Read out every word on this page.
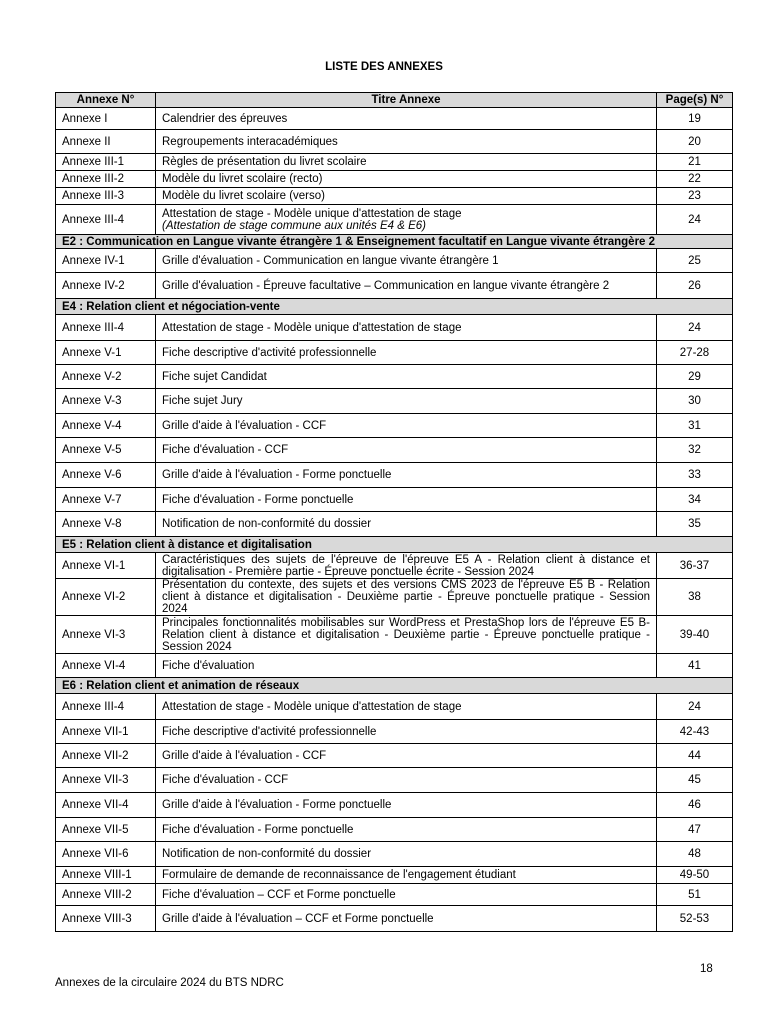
LISTE DES ANNEXES
Annexe N°	Titre Annexe	Page(s) N°
Annexe I	Calendrier des épreuves	19
Annexe II	Regroupements interacadémiques	20
Annexe III-1	Règles de présentation du livret scolaire	21
Annexe III-2	Modèle du livret scolaire (recto)	22
Annexe III-3	Modèle du livret scolaire (verso)	23
Annexe III-4	Attestation de stage - Modèle unique d'attestation de stage
(Attestation de stage commune aux unités E4 & E6)	24
E2 : Communication en Langue vivante étrangère 1 & Enseignement facultatif en Langue vivante étrangère 2		
Annexe IV-1	Grille d'évaluation - Communication en langue vivante étrangère 1	25
Annexe IV-2	Grille d'évaluation - Épreuve facultative – Communication en langue vivante étrangère 2	26
E4 : Relation client et négociation-vente		
Annexe III-4	Attestation de stage - Modèle unique d'attestation de stage	24
Annexe V-1	Fiche descriptive d'activité professionnelle	27-28
Annexe V-2	Fiche sujet Candidat	29
Annexe V-3	Fiche sujet Jury	30
Annexe V-4	Grille d'aide à l'évaluation - CCF	31
Annexe V-5	Fiche d'évaluation - CCF	32
Annexe V-6	Grille d'aide à l'évaluation - Forme ponctuelle	33
Annexe V-7	Fiche d'évaluation - Forme ponctuelle	34
Annexe V-8	Notification de non-conformité du dossier	35
E5 : Relation client à distance et digitalisation		
Annexe VI-1	Caractéristiques des sujets de l'épreuve de l'épreuve E5 A - Relation client à distance et digitalisation - Première partie - Épreuve ponctuelle écrite - Session 2024	36-37
Annexe VI-2	Présentation du contexte, des sujets et des versions CMS 2023 de l'épreuve E5 B - Relation client à distance et digitalisation - Deuxième partie - Épreuve ponctuelle pratique - Session 2024	38
Annexe VI-3	Principales fonctionnalités mobilisables sur WordPress et PrestaShop lors de l'épreuve E5 B- Relation client à distance et digitalisation - Deuxième partie - Épreuve ponctuelle pratique - Session 2024	39-40
Annexe VI-4	Fiche d'évaluation	41
E6 : Relation client et animation de réseaux		
Annexe III-4	Attestation de stage - Modèle unique d'attestation de stage	24
Annexe VII-1	Fiche descriptive d'activité professionnelle	42-43
Annexe VII-2	Grille d'aide à l'évaluation - CCF	44
Annexe VII-3	Fiche d'évaluation - CCF	45
Annexe VII-4	Grille d'aide à l'évaluation - Forme ponctuelle	46
Annexe VII-5	Fiche d'évaluation - Forme ponctuelle	47
Annexe VII-6	Notification de non-conformité du dossier	48
Annexe VIII-1	Formulaire de demande de reconnaissance de l'engagement étudiant	49-50
Annexe VIII-2	Fiche d'évaluation – CCF et Forme ponctuelle	51
Annexe VIII-3	Grille d'aide à l'évaluation – CCF et Forme ponctuelle	52-53
18
Annexes de la circulaire 2024 du BTS NDRC
